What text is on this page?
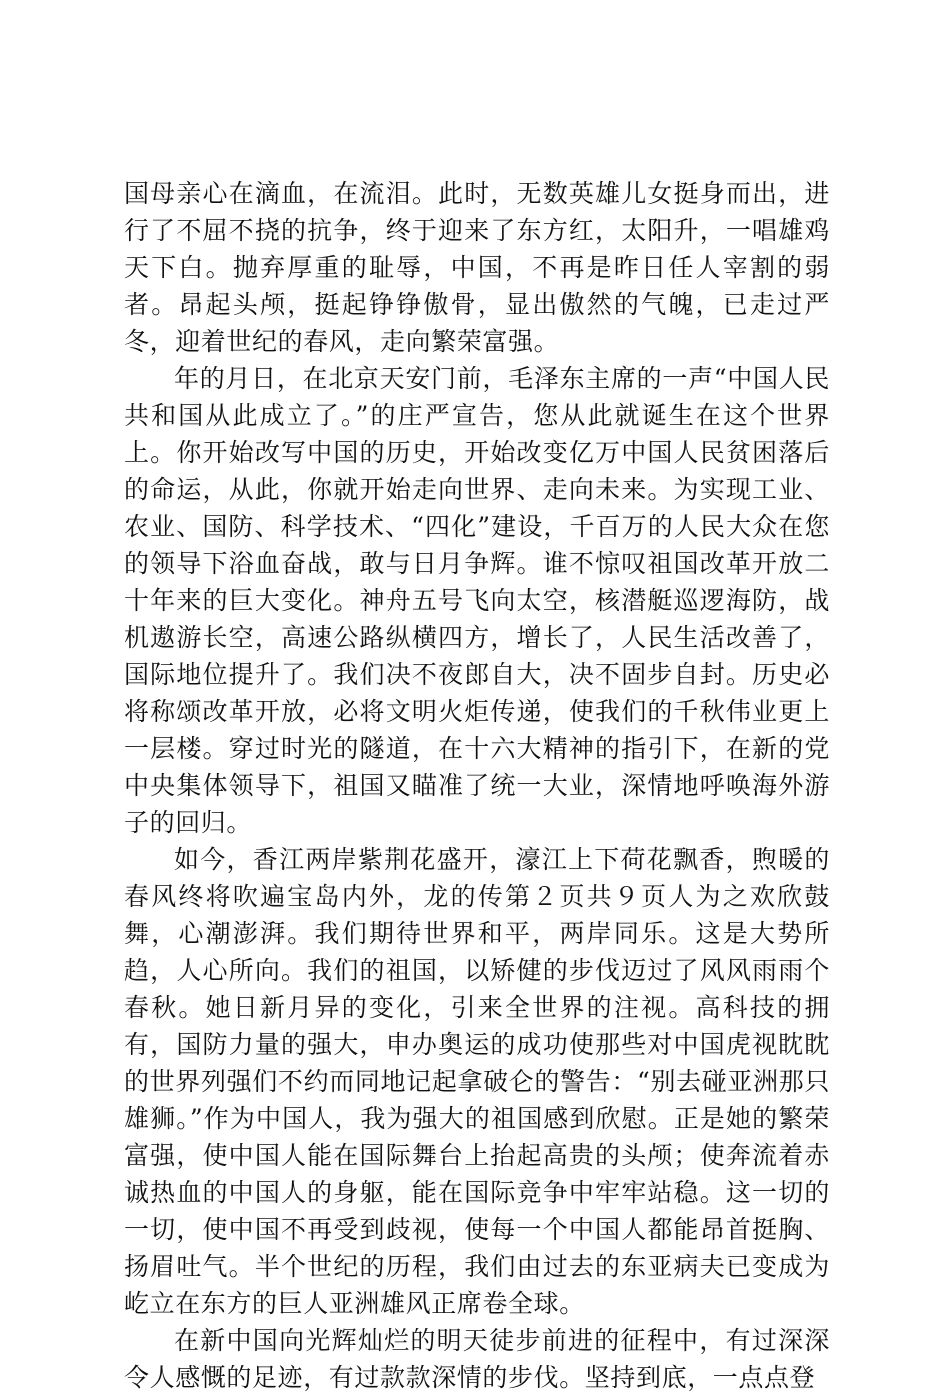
国母亲心在滴血，在流泪。此时，无数英雄儿女挺身而出，进行了不屈不挠的抗争，终于迎来了东方红，太阳升，一唱雄鸡天下白。抛弃厚重的耻辱，中国，不再是昨日任人宰割的弱者。昂起头颅，挺起铮铮傲骨，显出傲然的气魄，已走过严冬，迎着世纪的春风，走向繁荣富强。

年的月日，在北京天安门前，毛泽东主席的一声“中国人民共和国从此成立了。”的庄严宣告，您从此就诞生在这个世界上。你开始改写中国的历史，开始改变亿万中国人民贫困落后的命运，从此，你就开始走向世界、走向未来。为实现工业、农业、国防、科学技术、“四化”建设，千百万的人民大众在您的领导下浴血奋战，敢与日月争辉。谁不惊叹祖国改革开放二十年来的巨大变化。神舟五号飞向太空，核潜艇巡逻海防，战机遨游长空，高速公路纵横四方，增长了，人民生活改善了，国际地位提升了。我们决不夜郎自大，决不固步自封。历史必将称颂改革开放，必将文明火炬传递，使我们的千秋伟业更上一层楼。穿过时光的隧道，在十六大精神的指引下，在新的党中央集体领导下，祖国又瞄准了统一大业，深情地呼唤海外游子的回归。

如今，香江两岸紫荆花盛开，濠江上下荷花飘香，煦暖的春风终将吹遍宝岛内外，龙的传第２页共９页人为之欢欣鼓舞，心潮澎湃。我们期待世界和平，两岸同乐。这是大势所趋，人心所向。我们的祖国，以矫健的步伐迈过了风风雨雨个春秋。她日新月异的变化，引来全世界的注视。高科技的拥有，国防力量的强大，申办奥运的成功使那些对中国虎视眈眈的世界列强们不约而同地记起拿破仑的警告：“别去碰亚洲那只雄狮。”作为中国人，我为强大的祖国感到欣慰。正是她的繁荣富强，使中国人能在国际舞台上抬起高贵的头颅；使奔流着赤诚热血的中国人的身躯，能在国际竞争中牢牢站稳。这一切的一切，使中国不再受到歧视，使每一个中国人都能昂首挺胸、扬眉吐气。半个世纪的历程，我们由过去的东亚病夫已变成为屹立在东方的巨人亚洲雄风正席卷全球。

在新中国向光辉灿烂的明天徒步前进的征程中，有过深深令人感慨的足迹，有过款款深情的步伐。坚持到底，一点点登
